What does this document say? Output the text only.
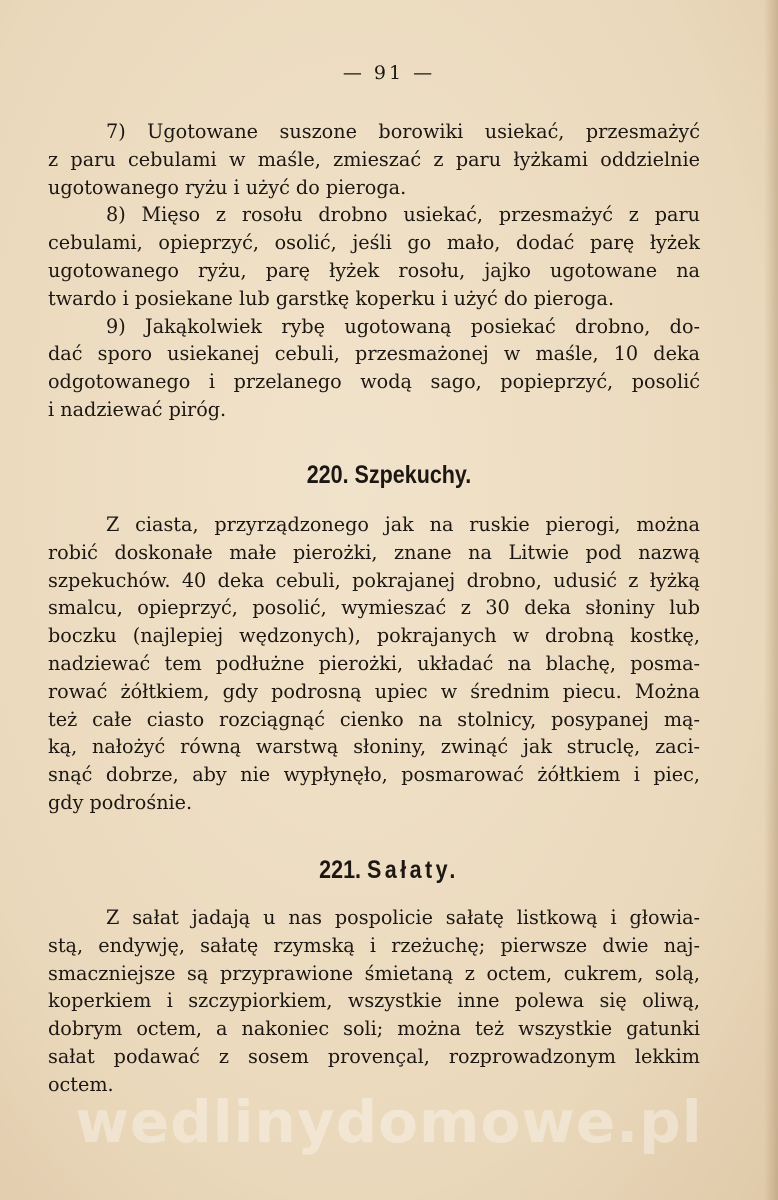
— 91 —
7) Ugotowane suszone borowiki usiekać, przesmażyć
z paru cebulami w maśle, zmieszać z paru łyżkami oddzielnie
ugotowanego ryżu i użyć do pieroga.
8) Mięso z rosołu drobno usiekać, przesmażyć z paru
cebulami, opieprzyć, osolić, jeśli go mało, dodać parę łyżek
ugotowanego ryżu, parę łyżek rosołu, jajko ugotowane na
twardo i posiekane lub garstkę koperku i użyć do pieroga.
9) Jakąkolwiek rybę ugotowaną posiekać drobno, do-
dać sporo usiekanej cebuli, przesmażonej w maśle, 10 deka
odgotowanego i przelanego wodą sago, popieprzyć, posolić
i nadziewać piróg.
220. Szpekuchy.
Z ciasta, przyrządzonego jak na ruskie pierogi, można
robić doskonałe małe pierożki, znane na Litwie pod nazwą
szpekuchów. 40 deka cebuli, pokrajanej drobno, udusić z łyżką
smalcu, opieprzyć, posolić, wymieszać z 30 deka słoniny lub
boczku (najlepiej wędzonych), pokrajanych w drobną kostkę,
nadziewać tem podłużne pierożki, układać na blachę, posma-
rować żółtkiem, gdy podrosną upiec w średnim piecu. Można
też całe ciasto rozciągnąć cienko na stolnicy, posypanej mą-
ką, nałożyć równą warstwą słoniny, zwinąć jak struclę, zaci-
snąć dobrze, aby nie wypłynęło, posmarować żółtkiem i piec,
gdy podrośnie.
221. Sałaty.
Z sałat jadają u nas pospolicie sałatę listkową i głowia-
stą, endywję, sałatę rzymską i rzeżuchę; pierwsze dwie naj-
smaczniejsze są przyprawione śmietaną z octem, cukrem, solą,
koperkiem i szczypiorkiem, wszystkie inne polewa się oliwą,
dobrym octem, a nakoniec soli; można też wszystkie gatunki
sałat podawać z sosem provençal, rozprowadzonym lekkim
octem.
wedlinydomowe.pl
